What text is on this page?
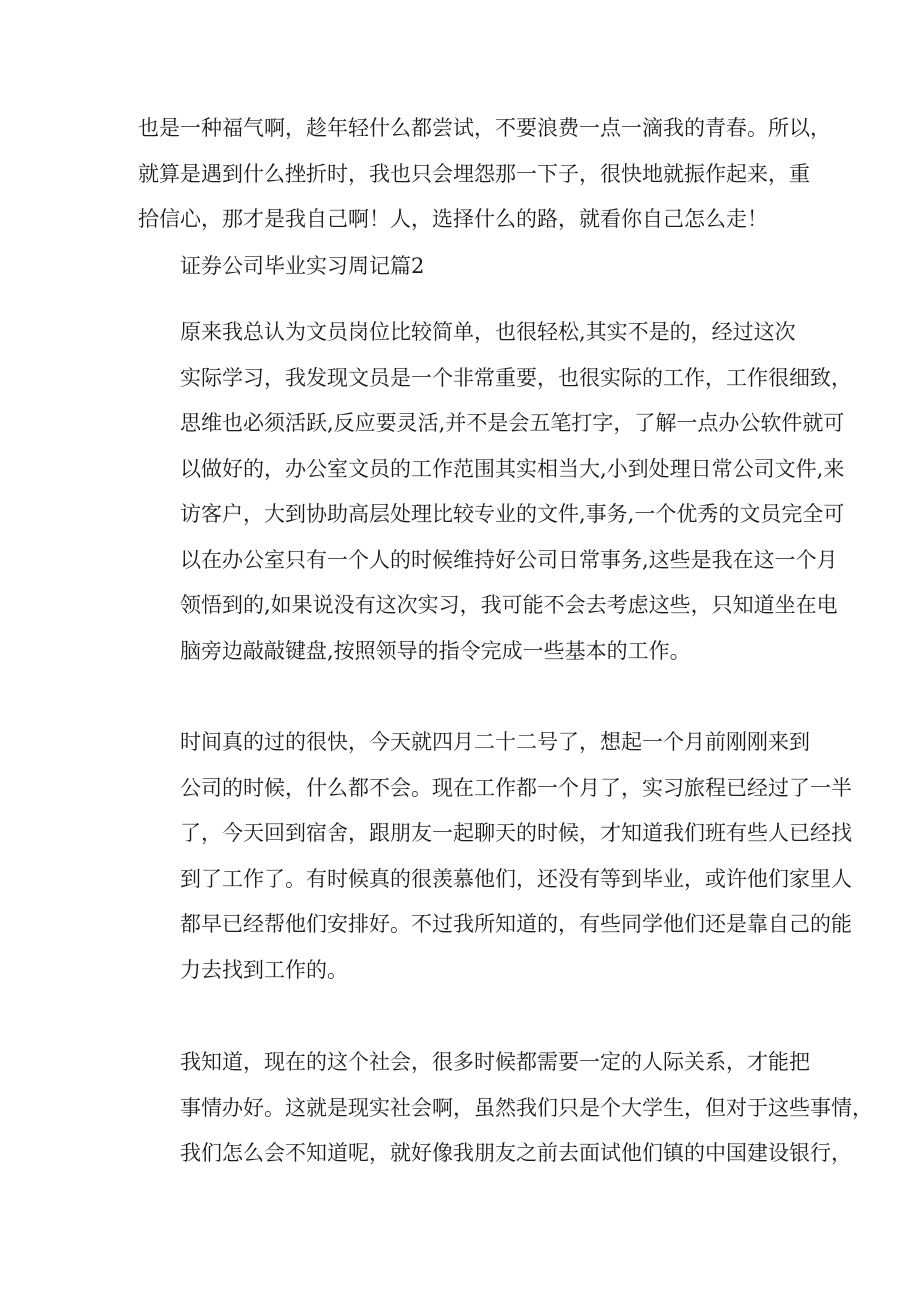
也是一种福气啊，趁年轻什么都尝试，不要浪费一点一滴我的青春。所以，
就算是遇到什么挫折时，我也只会埋怨那一下子，很快地就振作起来，重
拾信心，那才是我自己啊！人，选择什么的路，就看你自己怎么走！

证券公司毕业实习周记篇2

原来我总认为文员岗位比较简单，也很轻松,其实不是的，经过这次
实际学习，我发现文员是一个非常重要，也很实际的工作，工作很细致，
思维也必须活跃,反应要灵活,并不是会五笔打字，了解一点办公软件就可
以做好的，办公室文员的工作范围其实相当大,小到处理日常公司文件,来
访客户，大到协助高层处理比较专业的文件,事务,一个优秀的文员完全可
以在办公室只有一个人的时候维持好公司日常事务,这些是我在这一个月
领悟到的,如果说没有这次实习，我可能不会去考虑这些，只知道坐在电
脑旁边敲敲键盘,按照领导的指令完成一些基本的工作。

时间真的过的很快，今天就四月二十二号了，想起一个月前刚刚来到
公司的时候，什么都不会。现在工作都一个月了，实习旅程已经过了一半
了，今天回到宿舍，跟朋友一起聊天的时候，才知道我们班有些人已经找
到了工作了。有时候真的很羡慕他们，还没有等到毕业，或许他们家里人
都早已经帮他们安排好。不过我所知道的，有些同学他们还是靠自己的能
力去找到工作的。

我知道，现在的这个社会，很多时候都需要一定的人际关系，才能把
事情办好。这就是现实社会啊，虽然我们只是个大学生，但对于这些事情，
我们怎么会不知道呢，就好像我朋友之前去面试他们镇的中国建设银行，
